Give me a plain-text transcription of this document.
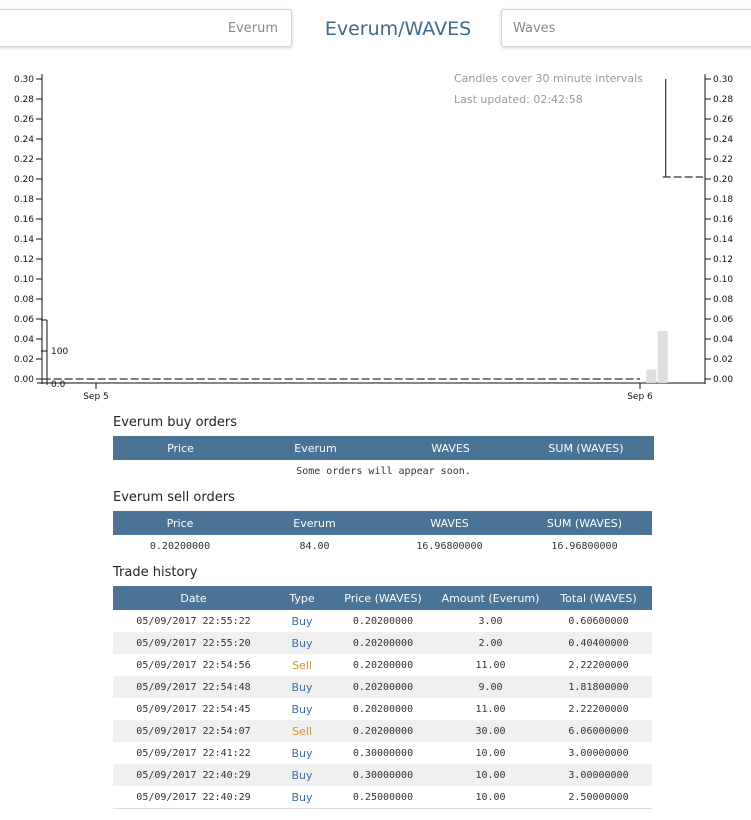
Everum	Everum/WAVES	Waves
0.00
0.02
0.04
0.06
0.08
0.10
0.12
0.14
0.16
0.18
0.20
0.22
0.24
0.26
0.28
0.30
0.00
0.02
0.04
0.06
0.08
0.10
0.12
0.14
0.16
0.18
0.20
0.22
0.24
0.26
0.28
0.30
100
0.0
Sep 5	Sep 6
Candles cover 30 minute intervals
Last updated: 02:42:58
Everum buy orders
Price	Everum	WAVES	SUM (WAVES)
Some orders will appear soon.
Everum sell orders
Price	Everum	WAVES	SUM (WAVES)
0.20200000	84.00	16.96800000	16.96800000
Trade history
Date	Type	Price (WAVES)	Amount (Everum)	Total (WAVES)
05/09/2017 22:55:22	Buy	0.20200000	3.00	0.60600000
05/09/2017 22:55:20	Buy	0.20200000	2.00	0.40400000
05/09/2017 22:54:56	Sell	0.20200000	11.00	2.22200000
05/09/2017 22:54:48	Buy	0.20200000	9.00	1.81800000
05/09/2017 22:54:45	Buy	0.20200000	11.00	2.22200000
05/09/2017 22:54:07	Sell	0.20200000	30.00	6.06000000
05/09/2017 22:41:22	Buy	0.30000000	10.00	3.00000000
05/09/2017 22:40:29	Buy	0.30000000	10.00	3.00000000
05/09/2017 22:40:29	Buy	0.25000000	10.00	2.50000000
